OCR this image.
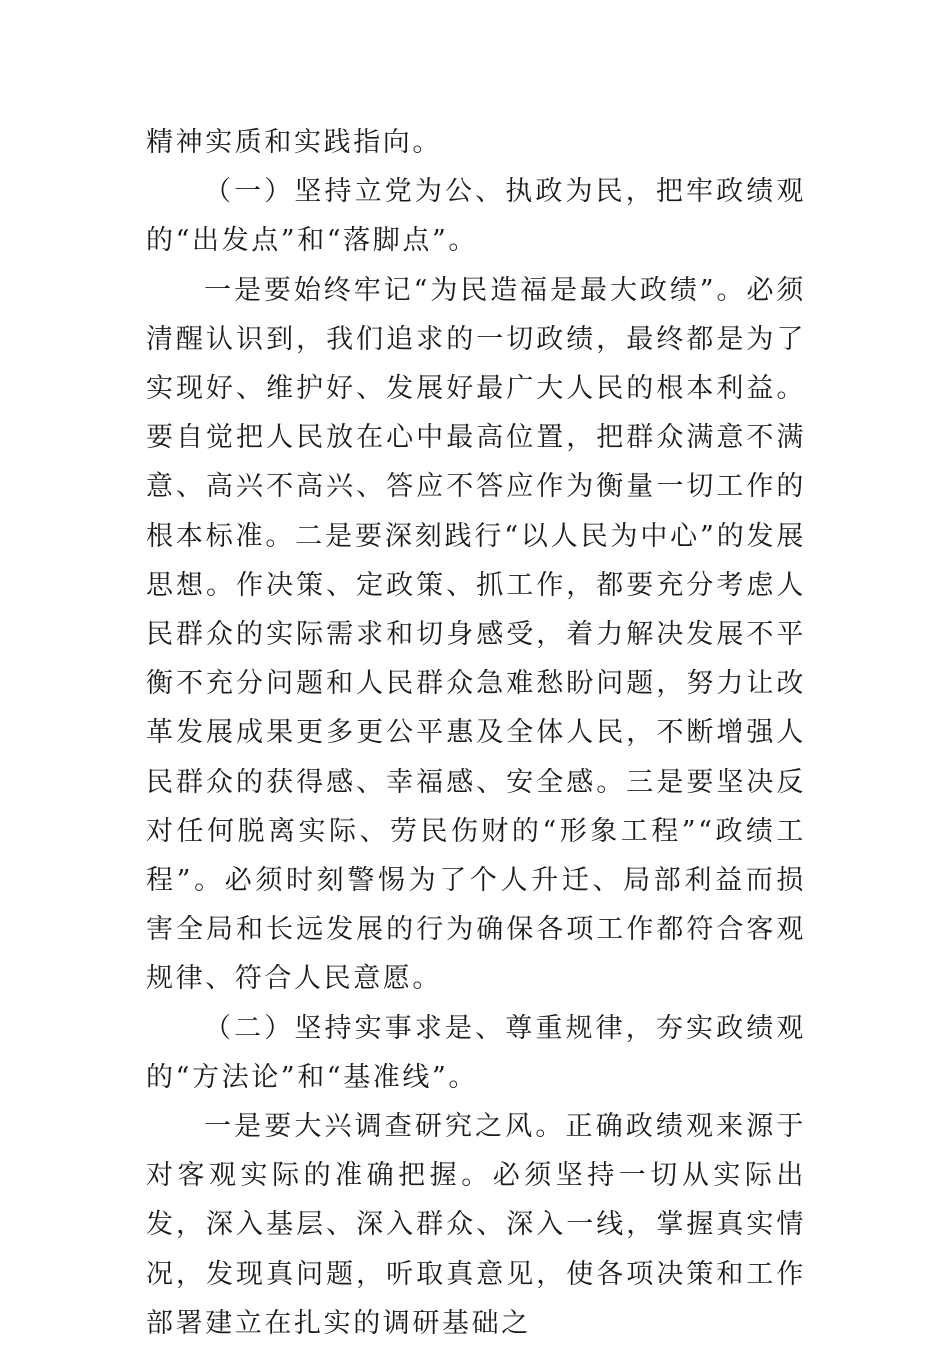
精神实质和实践指向。

（一）坚持立党为公、执政为民，把牢政绩观的“出发点”和“落脚点”。

一是要始终牢记“为民造福是最大政绩”。必须清醒认识到，我们追求的一切政绩，最终都是为了实现好、维护好、发展好最广大人民的根本利益。要自觉把人民放在心中最高位置，把群众满意不满意、高兴不高兴、答应不答应作为衡量一切工作的根本标准。二是要深刻践行“以人民为中心”的发展思想。作决策、定政策、抓工作，都要充分考虑人民群众的实际需求和切身感受，着力解决发展不平衡不充分问题和人民群众急难愁盼问题，努力让改革发展成果更多更公平惠及全体人民，不断增强人民群众的获得感、幸福感、安全感。三是要坚决反对任何脱离实际、劳民伤财的“形象工程”“政绩工程”。必须时刻警惕为了个人升迁、局部利益而损害全局和长远发展的行为确保各项工作都符合客观规律、符合人民意愿。

（二）坚持实事求是、尊重规律，夯实政绩观的“方法论”和“基准线”。

一是要大兴调查研究之风。正确政绩观来源于对客观实际的准确把握。必须坚持一切从实际出发，深入基层、深入群众、深入一线，掌握真实情况，发现真问题，听取真意见，使各项决策和工作部署建立在扎实的调研基础之
